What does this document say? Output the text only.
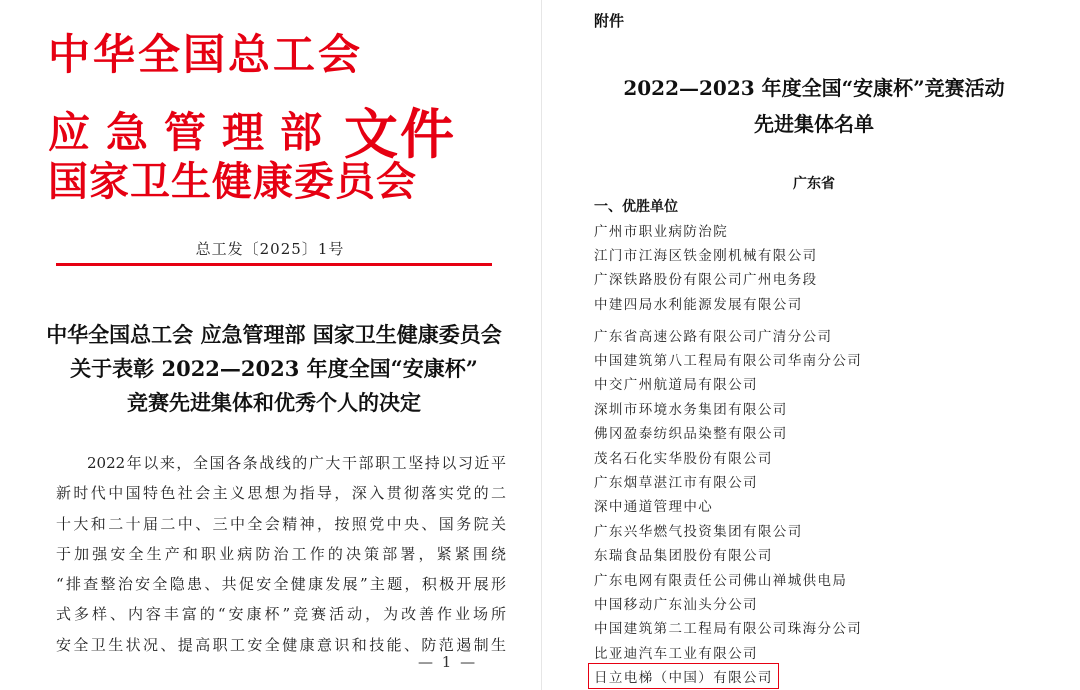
中华全国总工会
应急管理部 文件
国家卫生健康委员会
总工发〔2025〕1号
中华全国总工会 应急管理部 国家卫生健康委员会
关于表彰 2022—2023 年度全国“安康杯”
竞赛先进集体和优秀个人的决定
2022年以来，全国各条战线的广大干部职工坚持以习近平
新时代中国特色社会主义思想为指导，深入贯彻落实党的二
十大和二十届二中、三中全会精神，按照党中央、国务院关
于加强安全生产和职业病防治工作的决策部署，紧紧围绕
“排查整治安全隐患、共促安全健康发展”主题，积极开展形
式多样、内容丰富的“安康杯”竞赛活动，为改善作业场所
安全卫生状况、提高职工安全健康意识和技能、防范遏制生
— 1 —
附件
2022—2023 年度全国“安康杯”竞赛活动
先进集体名单
广东省
一、优胜单位
广州市职业病防治院
江门市江海区铁金刚机械有限公司
广深铁路股份有限公司广州电务段
中建四局水利能源发展有限公司
广东省高速公路有限公司广清分公司
中国建筑第八工程局有限公司华南分公司
中交广州航道局有限公司
深圳市环境水务集团有限公司
佛冈盈泰纺织品染整有限公司
茂名石化实华股份有限公司
广东烟草湛江市有限公司
深中通道管理中心
广东兴华燃气投资集团有限公司
东瑞食品集团股份有限公司
广东电网有限责任公司佛山禅城供电局
中国移动广东汕头分公司
中国建筑第二工程局有限公司珠海分公司
比亚迪汽车工业有限公司
日立电梯（中国）有限公司
